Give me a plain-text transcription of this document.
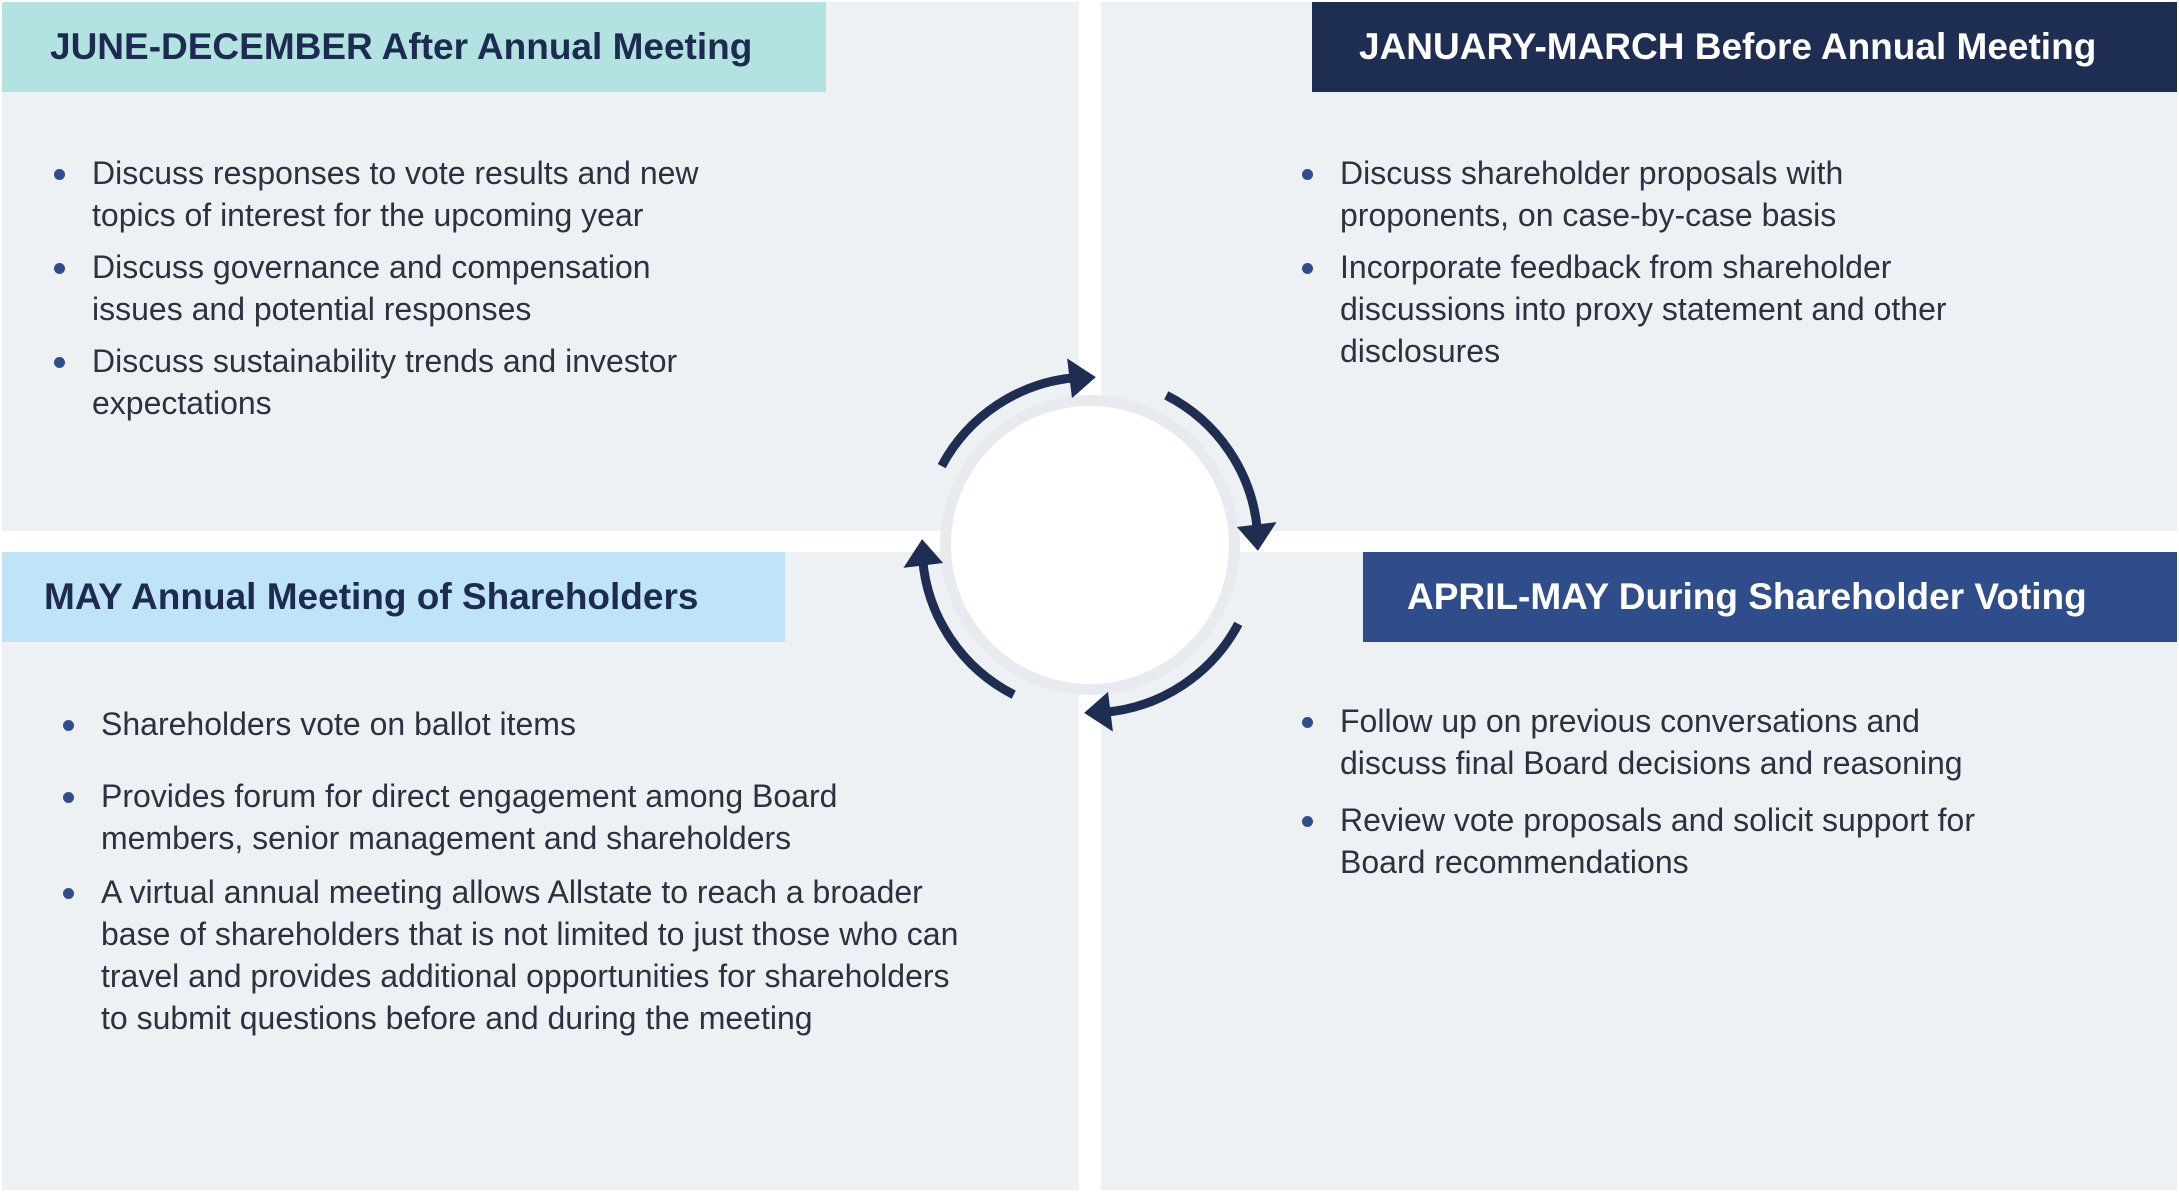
JUNE-DECEMBER After Annual Meeting	JANUARY-MARCH Before Annual Meeting
MAY Annual Meeting of Shareholders	APRIL-MAY During Shareholder Voting
Discuss responses to vote results and new topics of interest for the upcoming year
Discuss governance and compensation issues and potential responses
Discuss sustainability trends and investor expectations
Discuss shareholder proposals with proponents, on case-by-case basis
Incorporate feedback from shareholder discussions into proxy statement and other disclosures
Shareholders vote on ballot items
Provides forum for direct engagement among Board members, senior management and shareholders
A virtual annual meeting allows Allstate to reach a broader base of shareholders that is not limited to just those who can travel and provides additional opportunities for shareholders to submit questions before and during the meeting
Follow up on previous conversations and discuss final Board decisions and reasoning
Review vote proposals and solicit support for Board recommendations
